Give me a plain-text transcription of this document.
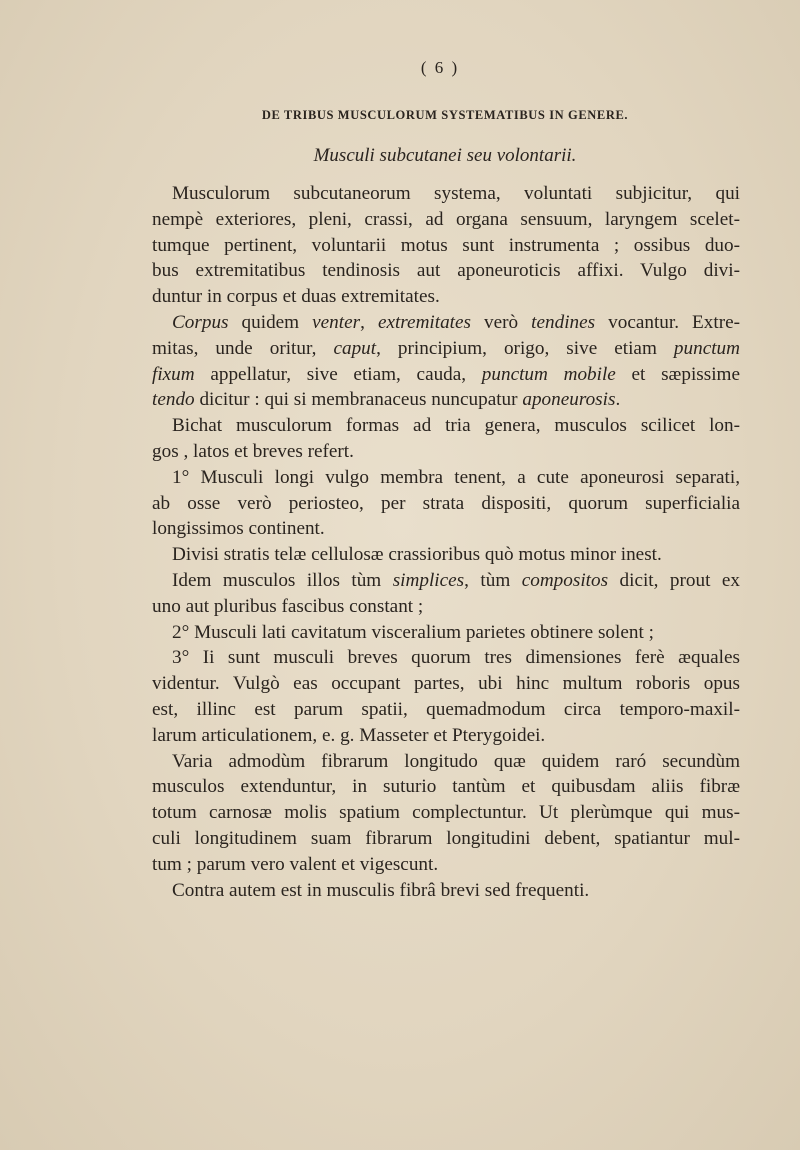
( 6 )
DE TRIBUS MUSCULORUM SYSTEMATIBUS IN GENERE.
Musculi subcutanei seu volontarii.

Musculorum subcutaneorum systema, voluntati subjicitur, qui
nempè exteriores, pleni, crassi, ad organa sensuum, laryngem scelet-
tumque pertinent, voluntarii motus sunt instrumenta ; ossibus duo-
bus extremitatibus tendinosis aut aponeuroticis affixi. Vulgo divi-
duntur in corpus et duas extremitates.

Corpus quidem venter, extremitates verò tendines vocantur. Extre-
mitas, unde oritur, caput, principium, origo, sive etiam punctum
fixum appellatur, sive etiam, cauda, punctum mobile et sæpissime
tendo dicitur : qui si membranaceus nuncupatur aponeurosis.

Bichat musculorum formas ad tria genera, musculos scilicet lon-
gos , latos et breves refert.

1° Musculi longi vulgo membra tenent, a cute aponeurosi separati,
ab osse verò periosteo, per strata dispositi, quorum superficialia
longissimos continent.

Divisi stratis telæ cellulosæ crassioribus quò motus minor inest.

Idem musculos illos tùm simplices, tùm compositos dicit, prout ex
uno aut pluribus fascibus constant ;

2° Musculi lati cavitatum visceralium parietes obtinere solent ;

3° Ii sunt musculi breves quorum tres dimensiones ferè æquales
videntur. Vulgò eas occupant partes, ubi hinc multum roboris opus
est, illinc est parum spatii, quemadmodum circa temporo-maxil-
larum articulationem, e. g. Masseter et Pterygoidei.

Varia admodùm fibrarum longitudo quæ quidem raró secundùm
musculos extenduntur, in suturio tantùm et quibusdam aliis fibræ
totum carnosæ molis spatium complectuntur. Ut plerùmque qui mus-
culi longitudinem suam fibrarum longitudini debent, spatiantur mul-
tum ; parum vero valent et vigescunt.

Contra autem est in musculis fibrâ brevi sed frequenti.
